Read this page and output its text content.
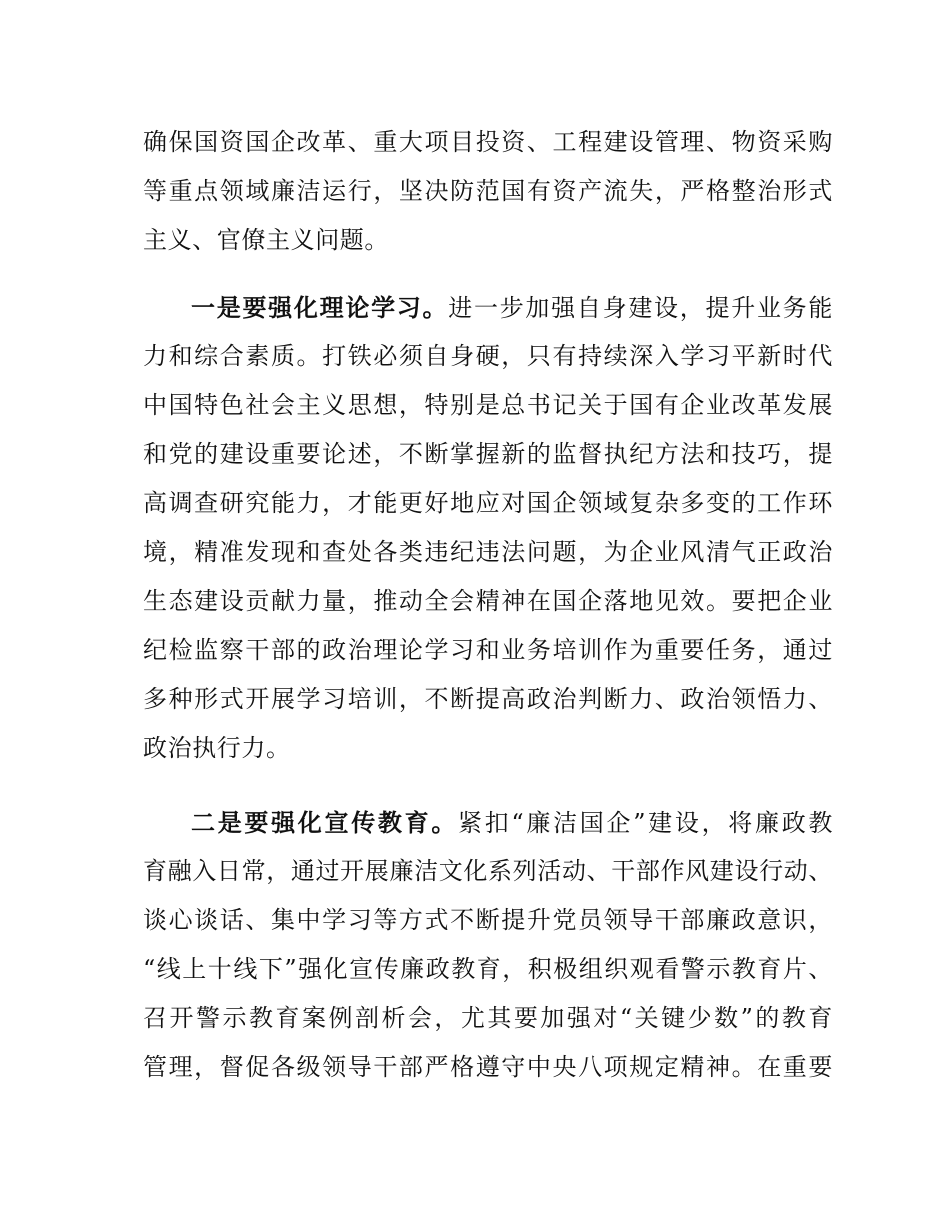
确保国资国企改革、重大项目投资、工程建设管理、物资采购
等重点领域廉洁运行，坚决防范国有资产流失，严格整治形式
主义、官僚主义问题。
一是要强化理论学习。进一步加强自身建设，提升业务能
力和综合素质。打铁必须自身硬，只有持续深入学习平新时代
中国特色社会主义思想，特别是总书记关于国有企业改革发展
和党的建设重要论述，不断掌握新的监督执纪方法和技巧，提
高调查研究能力，才能更好地应对国企领域复杂多变的工作环
境，精准发现和查处各类违纪违法问题，为企业风清气正政治
生态建设贡献力量，推动全会精神在国企落地见效。要把企业
纪检监察干部的政治理论学习和业务培训作为重要任务，通过
多种形式开展学习培训，不断提高政治判断力、政治领悟力、
政治执行力。
二是要强化宣传教育。紧扣“廉洁国企”建设，将廉政教
育融入日常，通过开展廉洁文化系列活动、干部作风建设行动、
谈心谈话、集中学习等方式不断提升党员领导干部廉政意识，
“线上十线下”强化宣传廉政教育，积极组织观看警示教育片、
召开警示教育案例剖析会，尤其要加强对“关键少数”的教育
管理，督促各级领导干部严格遵守中央八项规定精神。在重要
